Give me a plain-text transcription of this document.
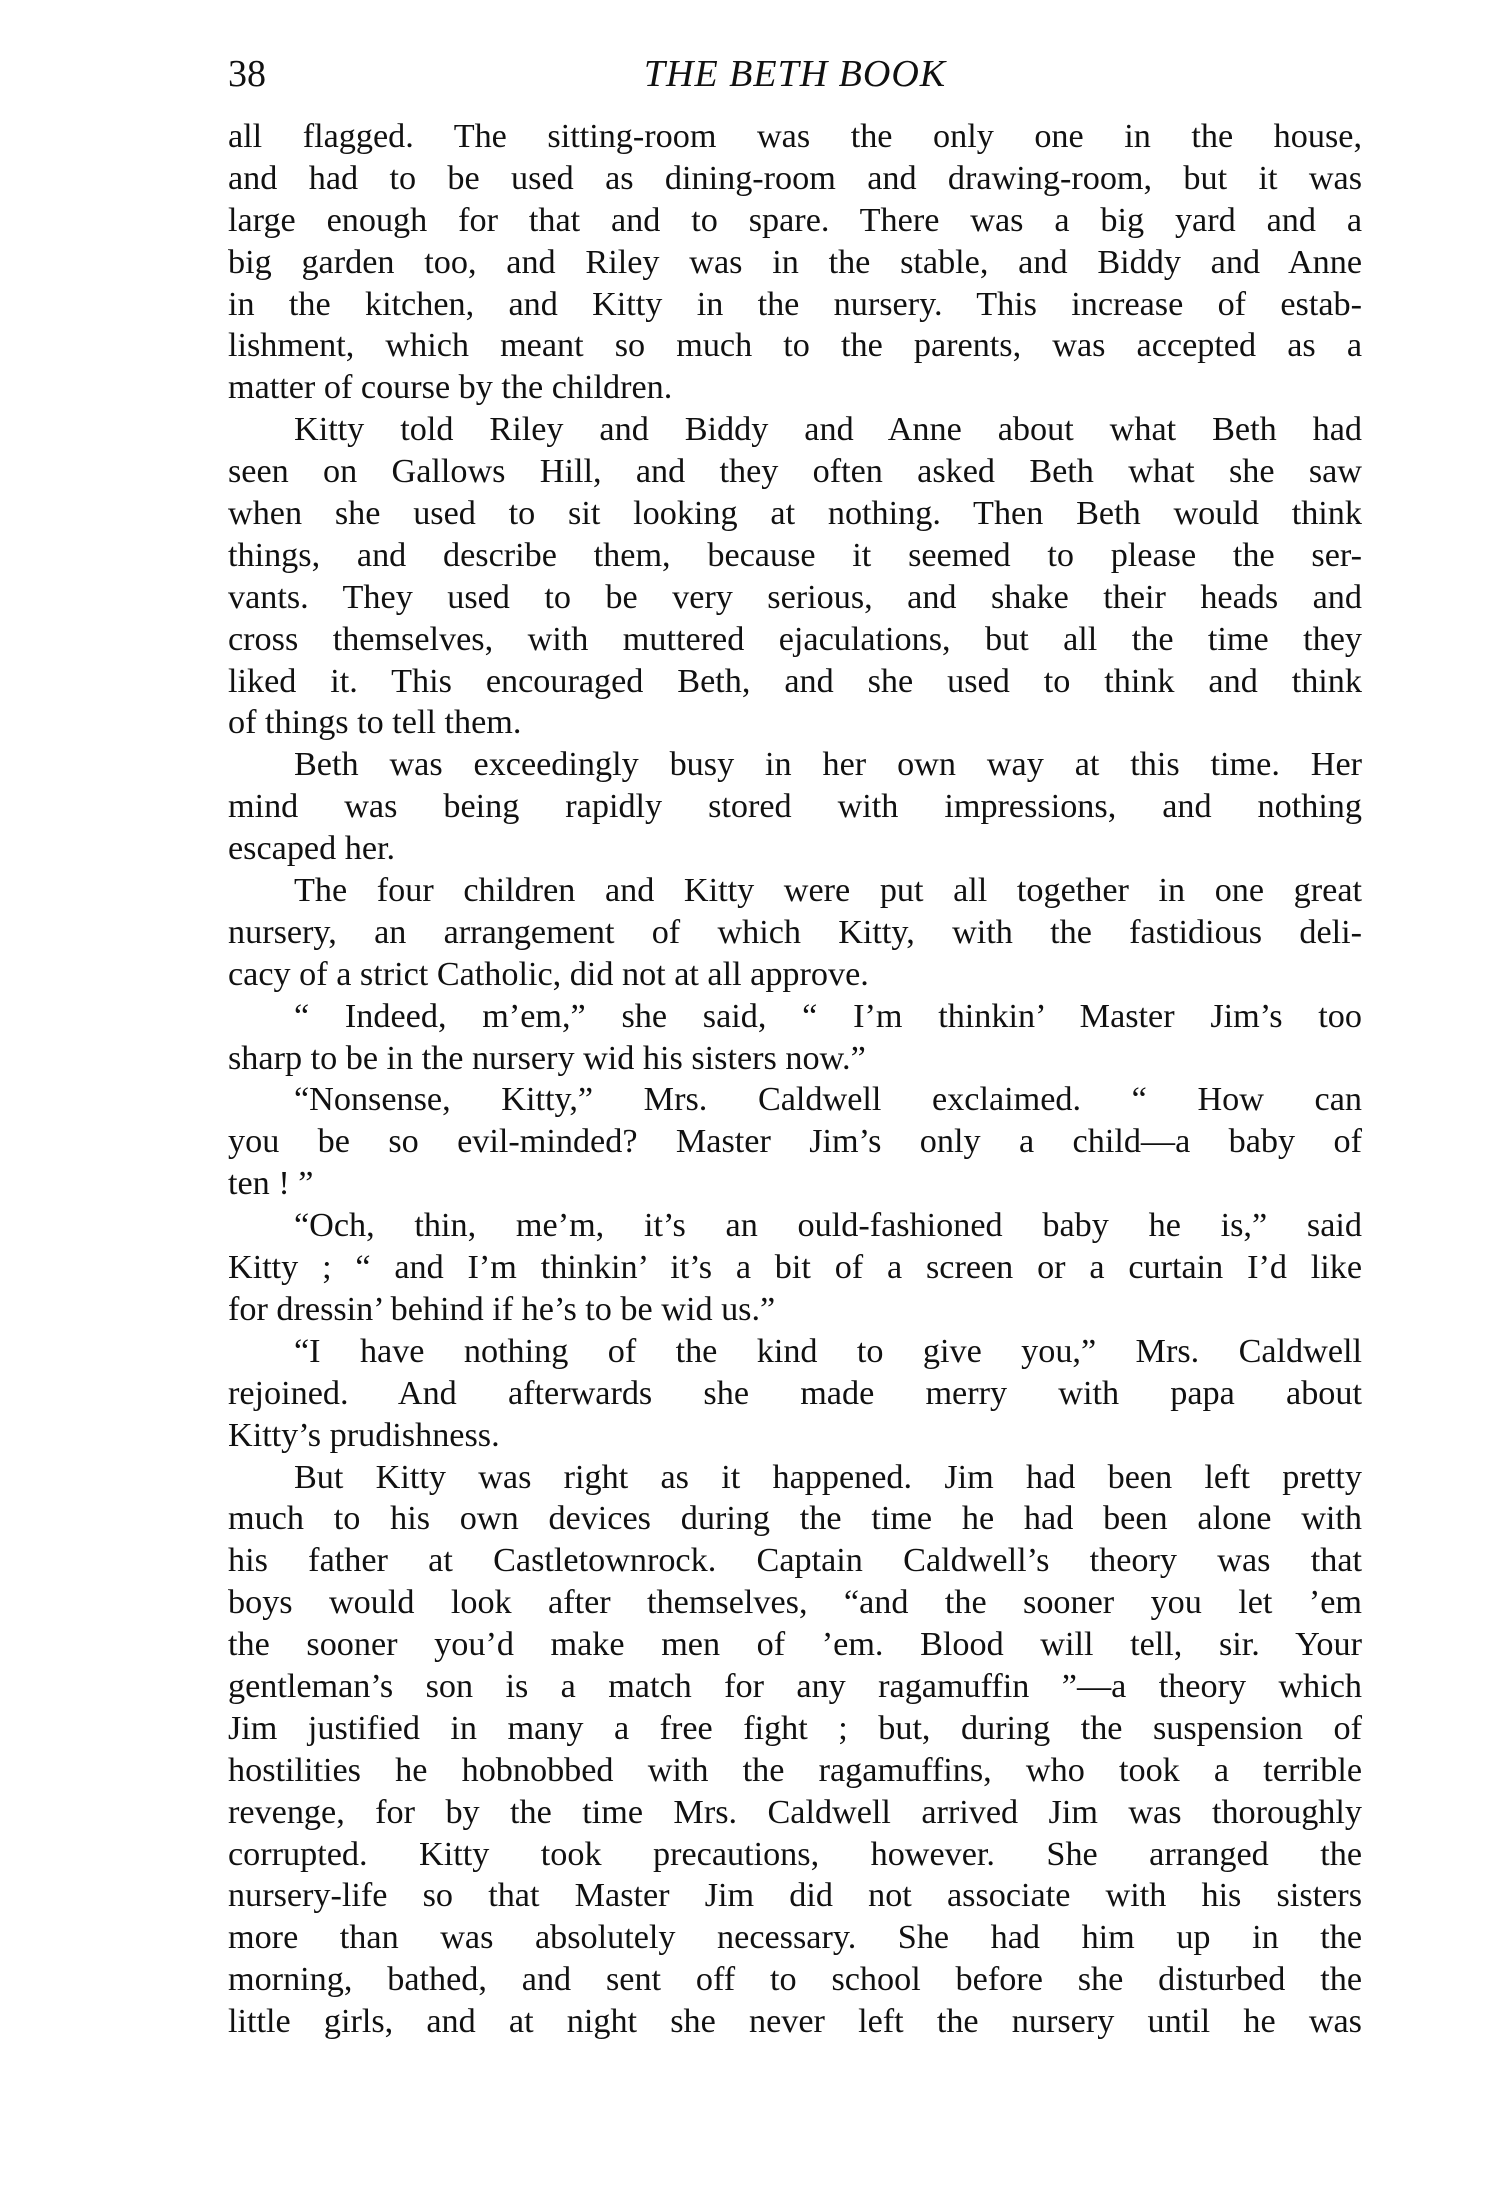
38	THE BETH BOOK
all flagged. The sitting-room was the only one in the house,
and had to be used as dining-room and drawing-room, but it was
large enough for that and to spare. There was a big yard and a
big garden too, and Riley was in the stable, and Biddy and Anne
in the kitchen, and Kitty in the nursery. This increase of estab-
lishment, which meant so much to the parents, was accepted as a
matter of course by the children.
Kitty told Riley and Biddy and Anne about what Beth had
seen on Gallows Hill, and they often asked Beth what she saw
when she used to sit looking at nothing. Then Beth would think
things, and describe them, because it seemed to please the ser-
vants. They used to be very serious, and shake their heads and
cross themselves, with muttered ejaculations, but all the time they
liked it. This encouraged Beth, and she used to think and think
of things to tell them.
Beth was exceedingly busy in her own way at this time. Her
mind was being rapidly stored with impressions, and nothing
escaped her.
The four children and Kitty were put all together in one great
nursery, an arrangement of which Kitty, with the fastidious deli-
cacy of a strict Catholic, did not at all approve.
“ Indeed, m’em,” she said, “ I’m thinkin’ Master Jim’s too
sharp to be in the nursery wid his sisters now.”
“Nonsense, Kitty,” Mrs. Caldwell exclaimed. “ How can
you be so evil-minded? Master Jim’s only a child—a baby of
ten ! ”
“Och, thin, me’m, it’s an ould-fashioned baby he is,” said
Kitty ; “ and I’m thinkin’ it’s a bit of a screen or a curtain I’d like
for dressin’ behind if he’s to be wid us.”
“I have nothing of the kind to give you,” Mrs. Caldwell
rejoined. And afterwards she made merry with papa about
Kitty’s prudishness.
But Kitty was right as it happened. Jim had been left pretty
much to his own devices during the time he had been alone with
his father at Castletownrock. Captain Caldwell’s theory was that
boys would look after themselves, “and the sooner you let ’em
the sooner you’d make men of ’em. Blood will tell, sir. Your
gentleman’s son is a match for any ragamuffin ”—a theory which
Jim justified in many a free fight ; but, during the suspension of
hostilities he hobnobbed with the ragamuffins, who took a terrible
revenge, for by the time Mrs. Caldwell arrived Jim was thoroughly
corrupted. Kitty took precautions, however. She arranged the
nursery-life so that Master Jim did not associate with his sisters
more than was absolutely necessary. She had him up in the
morning, bathed, and sent off to school before she disturbed the
little girls, and at night she never left the nursery until he was
